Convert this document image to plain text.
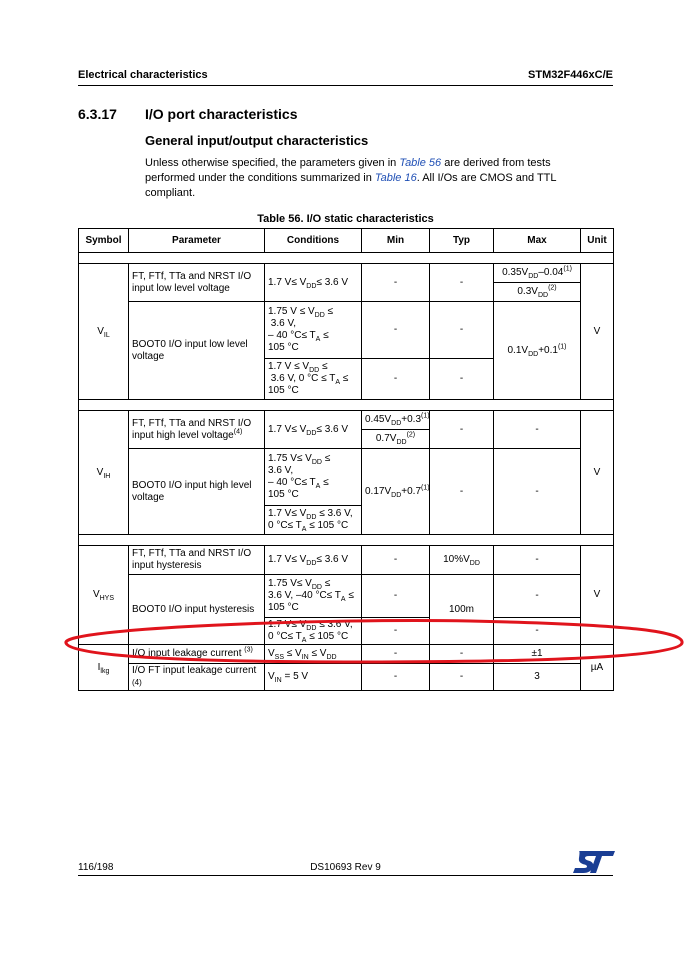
Electrical characteristics	STM32F446xC/E
6.3.17 I/O port characteristics
General input/output characteristics
Unless otherwise specified, the parameters given in Table 56 are derived from tests performed under the conditions summarized in Table 16. All I/Os are CMOS and TTL compliant.
Table 56. I/O static characteristics
Symbol	Parameter	Conditions	Min	Typ	Max	Unit

$V_{IL}$	FT, FTf, TTa and NRST I/O input low level voltage	1.7 $V\le V_{DD}\le 3.6$ V	-	-	$0.35V_{DD}-0.04^{(1)}$	V
					$0.3V_{DD}^{(2)}$
	BOOT0 I/O input low level voltage	1.75 $V \le V_{DD}$ ≤
3.6 V,
– 40 $^\circ C\le T_A$ ≤
105 °C	-	-	$0.1V_{DD}+0.1^{(1)}$
		1.7 $V \le V_{DD}$ ≤
3.6 V, 0 $^\circ C \le T_A$ ≤
105 °C	-	-		

$V_{IH}$	FT, FTf, TTa and NRST I/O input high level voltage$^{(4)}$	1.7 $V\le V_{DD}\le 3.6$ V	$0.45V_{DD}+0.3^{(1)}$	-	-	V
			$0.7V_{DD}^{(2)}$
	BOOT0 I/O input high level voltage	1.75 $V\le V_{DD}$ ≤
3.6 V,
– 40 $^\circ C\le T_A$ ≤
105 °C	$0.17V_{DD}+0.7^{(1)}$	-	-	
		1.7 $V\le V_{DD} \le 3.6$ V,
0 $^\circ C\le T_A \le 105$ °C				

$V_{HYS}$	FT, FTf, TTa and NRST I/O input hysteresis	1.7 $V\le V_{DD}\le 3.6$ V	-	$10\%V_{DD}$	-	V
	BOOT0 I/O input hysteresis	1.75 $V\le V_{DD}$ ≤
3.6 V, –40 $^\circ C\le T_A$ ≤
105 °C	-	100m	-	
		1.7 $V\le V_{DD} \le 3.6$ V,
0 $^\circ C\le T_A \le 105$ °C	-		-	
$I_{lkg}$	I/O input leakage current $^{(3)}$	$V_{SS} \le V_{IN} \le V_{DD}$	-	-	±1	µA
	I/O FT input leakage current
(4)	$V_{IN} = 5$ V	-	-	3	
116/198	DS10693 Rev 9
